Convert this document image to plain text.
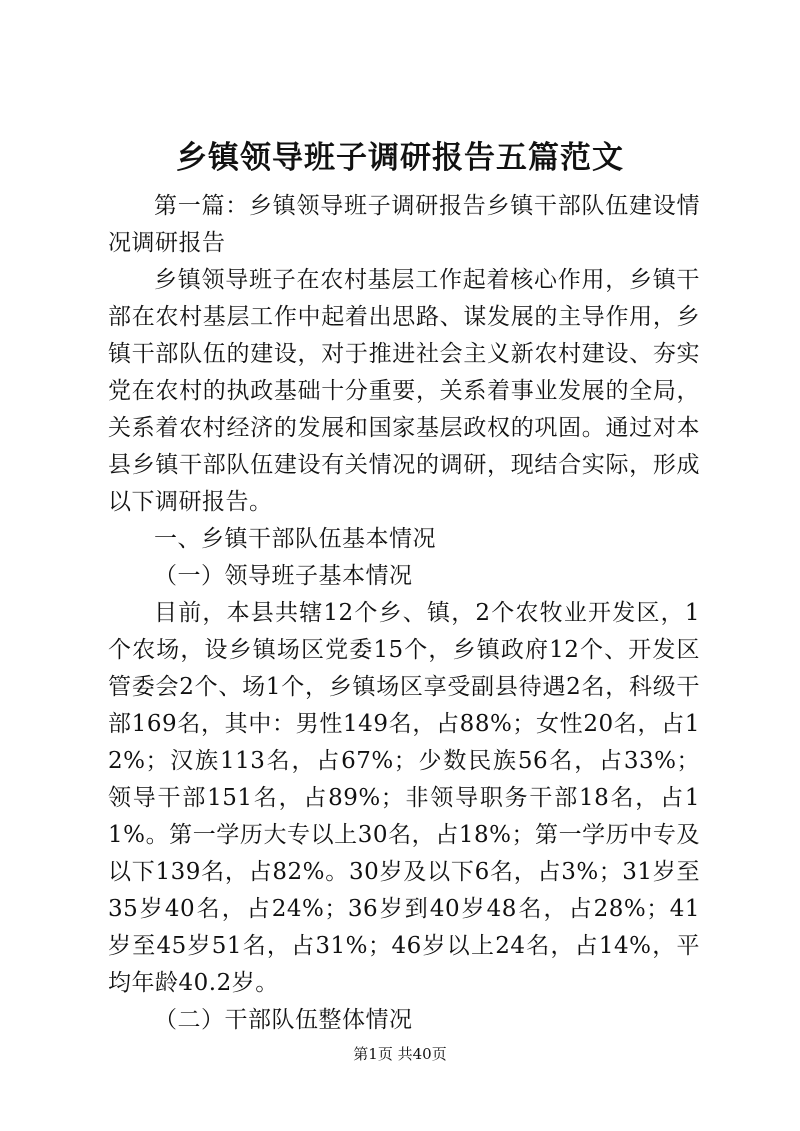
乡镇领导班子调研报告五篇范文

第一篇：乡镇领导班子调研报告乡镇干部队伍建设情况调研报告

乡镇领导班子在农村基层工作起着核心作用，乡镇干部在农村基层工作中起着出思路、谋发展的主导作用，乡镇干部队伍的建设，对于推进社会主义新农村建设、夯实党在农村的执政基础十分重要，关系着事业发展的全局，关系着农村经济的发展和国家基层政权的巩固。通过对本县乡镇干部队伍建设有关情况的调研，现结合实际，形成以下调研报告。

一、乡镇干部队伍基本情况

（一）领导班子基本情况

目前，本县共辖12个乡、镇，2个农牧业开发区，1个农场，设乡镇场区党委15个，乡镇政府12个、开发区管委会2个、场1个，乡镇场区享受副县待遇2名，科级干部169名，其中：男性149名，占88%；女性20名，占12%；汉族113名，占67%；少数民族56名，占33%；领导干部151名，占89%；非领导职务干部18名，占11%。第一学历大专以上30名，占18%；第一学历中专及以下139名，占82%。30岁及以下6名，占3%；31岁至35岁40名，占24%；36岁到40岁48名，占28%；41岁至45岁51名，占31%；46岁以上24名，占14%，平均年龄40.2岁。

（二）干部队伍整体情况

第1页 共40页
